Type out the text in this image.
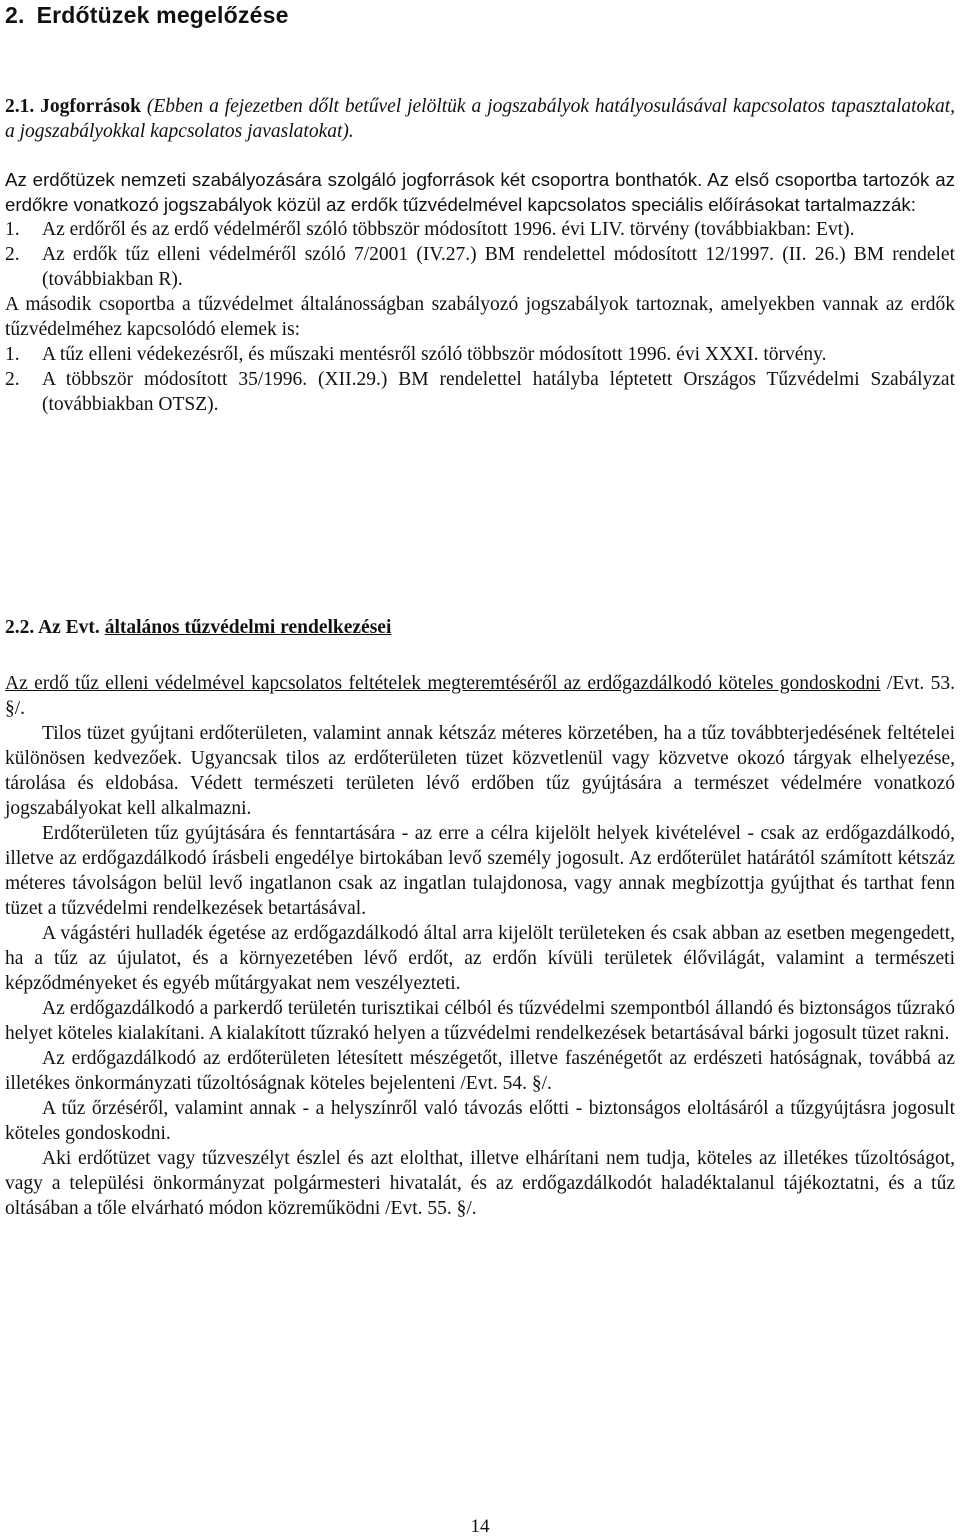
2. Erdőtüzek megelőzése

2.1. Jogforrások (Ebben a fejezetben dőlt betűvel jelöltük a jogszabályok hatályosulásával kapcsolatos tapasztalatokat, a jogszabályokkal kapcsolatos javaslatokat).

Az erdőtüzek nemzeti szabályozására szolgáló jogforrások két csoportra bonthatók. Az első csoportba tartozók az erdőkre vonatkozó jogszabályok közül az erdők tűzvédelmével kapcsolatos speciális előírásokat tartalmazzák:

1.	Az erdőről és az erdő védelméről szóló többször módosított 1996. évi LIV. törvény (továbbiakban: Evt).
2.	Az erdők tűz elleni védelméről szóló 7/2001 (IV.27.) BM rendelettel módosított 12/1997. (II. 26.) BM rendelet (továbbiakban R).

A második csoportba a tűzvédelmet általánosságban szabályozó jogszabályok tartoznak, amelyekben vannak az erdők tűzvédelméhez kapcsolódó elemek is:

1.	A tűz elleni védekezésről, és műszaki mentésről szóló többször módosított 1996. évi XXXI. törvény.
2.	A többször módosított 35/1996. (XII.29.) BM rendelettel hatályba léptetett Országos Tűzvédelmi Szabályzat (továbbiakban OTSZ).
2.2. Az Evt. általános tűzvédelmi rendelkezései

Az erdő tűz elleni védelmével kapcsolatos feltételek megteremtéséről az erdőgazdálkodó köteles gondoskodni /Evt. 53. §/.

Tilos tüzet gyújtani erdőterületen, valamint annak kétszáz méteres körzetében, ha a tűz továbbterjedésének feltételei különösen kedvezőek. Ugyancsak tilos az erdőterületen tüzet közvetlenül vagy közvetve okozó tárgyak elhelyezése, tárolása és eldobása. Védett természeti területen lévő erdőben tűz gyújtására a természet védelmére vonatkozó jogszabályokat kell alkalmazni.

Erdőterületen tűz gyújtására és fenntartására - az erre a célra kijelölt helyek kivételével - csak az erdőgazdálkodó, illetve az erdőgazdálkodó írásbeli engedélye birtokában levő személy jogosult. Az erdőterület határától számított kétszáz méteres távolságon belül levő ingatlanon csak az ingatlan tulajdonosa, vagy annak megbízottja gyújthat és tarthat fenn tüzet a tűzvédelmi rendelkezések betartásával.

A vágástéri hulladék égetése az erdőgazdálkodó által arra kijelölt területeken és csak abban az esetben megengedett, ha a tűz az újulatot, és a környezetében lévő erdőt, az erdőn kívüli területek élővilágát, valamint a természeti képződményeket és egyéb műtárgyakat nem veszélyezteti.

Az erdőgazdálkodó a parkerdő területén turisztikai célból és tűzvédelmi szempontból állandó és biztonságos tűzrakó helyet köteles kialakítani. A kialakított tűzrakó helyen a tűzvédelmi rendelkezések betartásával bárki jogosult tüzet rakni.

Az erdőgazdálkodó az erdőterületen létesített mészégetőt, illetve faszénégetőt az erdészeti hatóságnak, továbbá az illetékes önkormányzati tűzoltóságnak köteles bejelenteni /Evt. 54. §/.

A tűz őrzéséről, valamint annak - a helyszínről való távozás előtti - biztonságos eloltásáról a tűzgyújtásra jogosult köteles gondoskodni.

Aki erdőtüzet vagy tűzveszélyt észlel és azt elolthat, illetve elhárítani nem tudja, köteles az illetékes tűzoltóságot, vagy a települési önkormányzat polgármesteri hivatalát, és az erdőgazdálkodót haladéktalanul tájékoztatni, és a tűz oltásában a tőle elvárható módon közreműködni /Evt. 55. §/.

14
